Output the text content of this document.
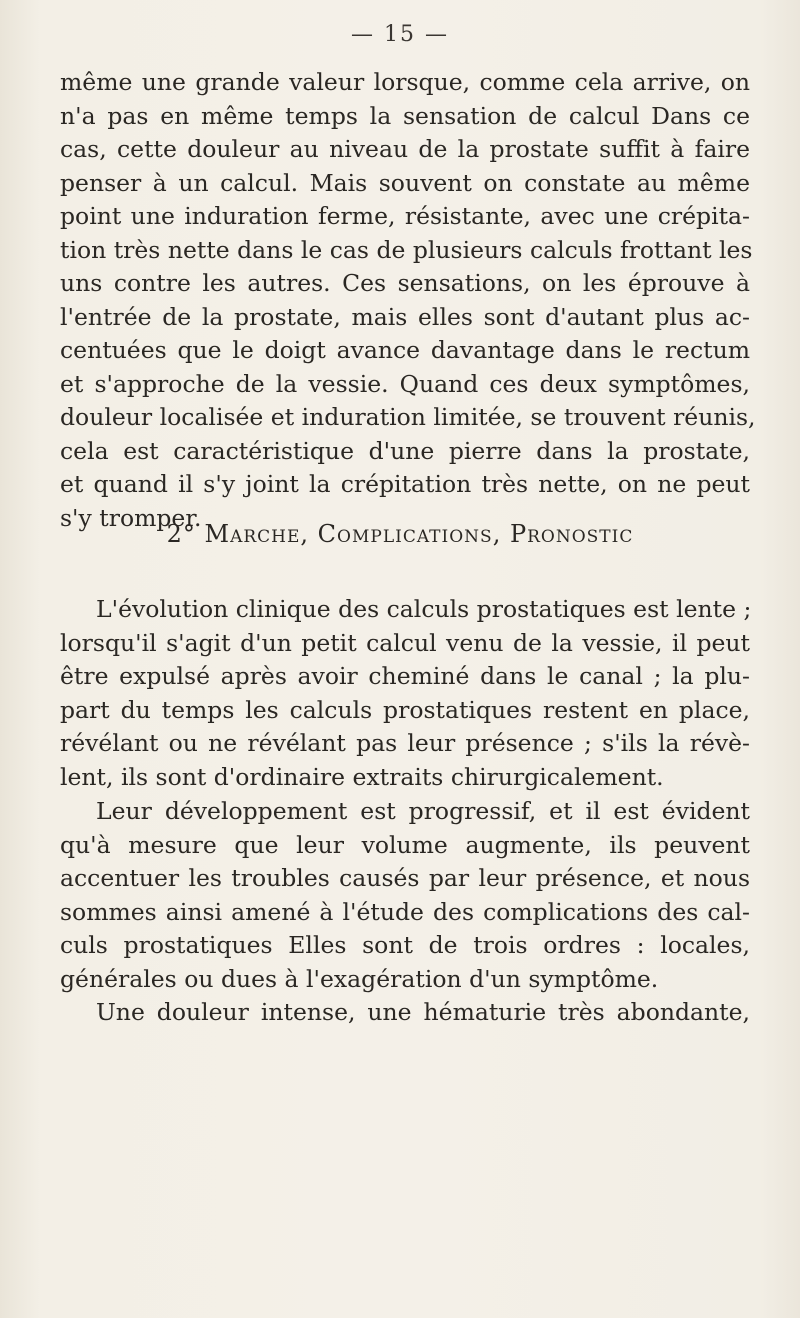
— 15 —
même une grande valeur lorsque, comme cela arrive, on
n'a pas en même temps la sensation de calcul Dans ce
cas, cette douleur au niveau de la prostate suffit à faire
penser à un calcul. Mais souvent on constate au même
point une induration ferme, résistante, avec une crépita-
tion très nette dans le cas de plusieurs calculs frottant les
uns contre les autres. Ces sensations, on les éprouve à
l'entrée de la prostate, mais elles sont d'autant plus ac-
centuées que le doigt avance davantage dans le rectum
et s'approche de la vessie. Quand ces deux symptômes,
douleur localisée et induration limitée, se trouvent réunis,
cela est caractéristique d'une pierre dans la prostate,
et quand il s'y joint la crépitation très nette, on ne peut
s'y tromper.
2° Marche, Complications, Pronostic
L'évolution clinique des calculs prostatiques est lente ;
lorsqu'il s'agit d'un petit calcul venu de la vessie, il peut
être expulsé après avoir cheminé dans le canal ; la plu-
part du temps les calculs prostatiques restent en place,
révélant ou ne révélant pas leur présence ; s'ils la révè-
lent, ils sont d'ordinaire extraits chirurgicalement.
Leur développement est progressif, et il est évident
qu'à mesure que leur volume augmente, ils peuvent
accentuer les troubles causés par leur présence, et nous
sommes ainsi amené à l'étude des complications des cal-
culs prostatiques Elles sont de trois ordres : locales,
générales ou dues à l'exagération d'un symptôme.
Une douleur intense, une hématurie très abondante,
